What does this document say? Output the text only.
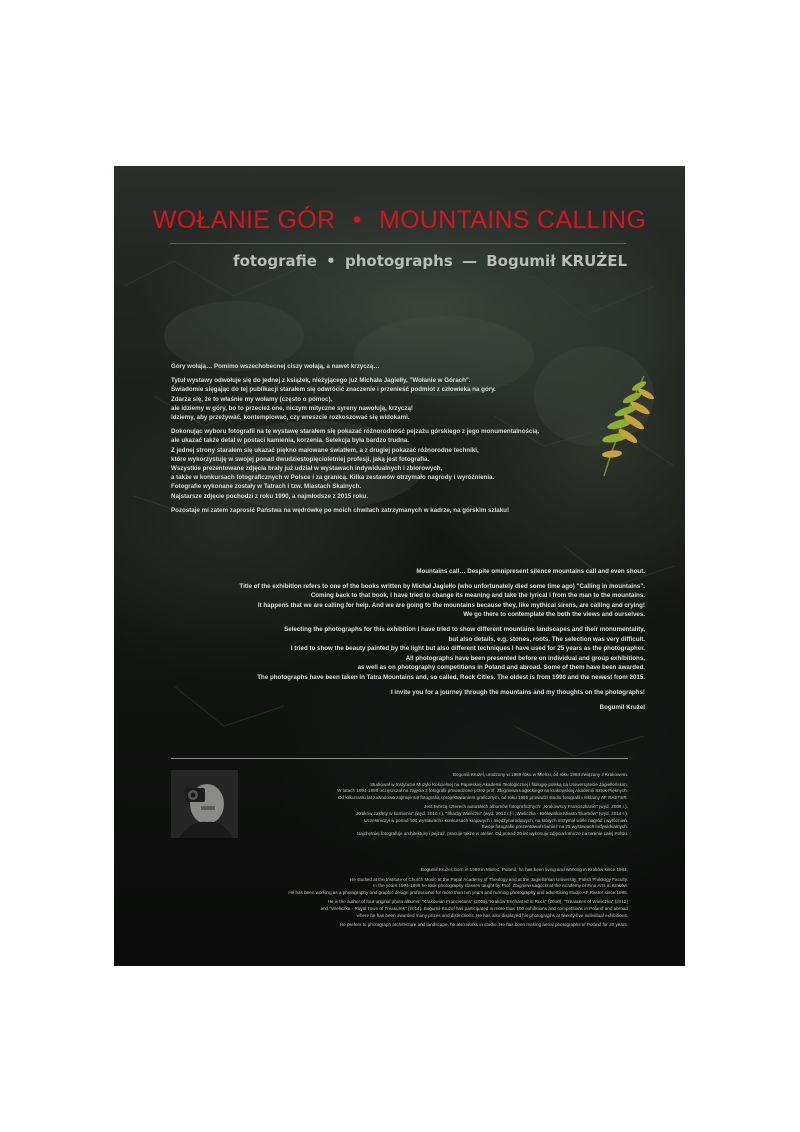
WOŁANIE GÓR • MOUNTAINS CALLING
fotografie • photographs — Bogumił KRUŻEL

Góry wołają… Pomimo wszechobecnej ciszy wołają, a nawet krzyczą…

Tytuł wystawy odwołuje się do jednej z książek, nieżyjącego już Michała Jagiełły, "Wołanie w Górach".
Świadomie sięgając do tej publikacji starałem się odwrócić znaczenie i przenieść podmiot z człowieka na góry.
Zdarza się, że to właśnie my wołamy (często o pomoc),
ale idziemy w góry, bo to przecież one, niczym mityczne syreny nawołują, krzyczą!
Idziemy, aby przeżywać, kontemplować, czy wreszcie rozkoszować się widokami.

Dokonując wyboru fotografii na tę wystawę starałem się pokazać różnorodność pejzażu górskiego z jego monumentalnością,
ale ukazać także detal w postaci kamienia, korzenia. Selekcja była bardzo trudna.
Z jednej strony starałem się ukazać piękno malowane światłem, a z drugiej pokazać różnorodne techniki,
które wykorzystuję w swojej ponad dwudziestopięcioletniej profesji, jaką jest fotografia.
Wszystkie prezentowane zdjęcia brały już udział w wystawach indywidualnych i zbiorowych,
a także w konkursach fotograficznych w Polsce i za granicą. Kilka zestawów otrzymało nagrody i wyróżnienia.
Fotografie wykonane zostały w Tatrach i tzw. Miastach Skalnych.
Najstarsze zdjęcie pochodzi z roku 1990, a najmłodsze z 2015 roku.

Pozostaje mi zatem zaprosić Państwa na wędrówkę po moich chwilach zatrzymanych w kadrze, na górskim szlaku!

Mountains call… Despite omnipresent silence mountains call and even shout.

Title of the exhibition refers to one of the books written by Michał Jagiełło (who unfortunately died some time ago) "Calling in mountains".
Coming back to that book, I have tried to change its meaning and take the lyrical I from the man to the mountains.
It happens that we are calling for help. And we are going to the mountains because they, like mythical sirens, are calling and crying!
We go there to contemplate the both the views and ourselves.

Selecting the photographs for this exhibition I have tried to show different mountains landscapes and their monumentality,
but also details, e.g. stones, roots. The selection was very difficult.
I tried to show the beauty painted by the light but also different techniques I have used for 25 years as the photographer.
All photographs have been presented before on individual and group exhibitions,
as well as on photography competitions in Poland and abroad. Some of them have been awarded.
The photographs have been taken in Tatra Mountains and, so called, Rock Cities. The oldest is from 1990 and the newest from 2015.

I invite you for a journey through the mountains and my thoughts on the photographs!

Bogumił Krużel

Bogumił Krużel, urodzony w 1969 roku w Mielcu, od roku 1984 związany z Krakowem.

Studiował w Instytucie Muzyki Kościelnej na Papieskiej Akademii Teologicznej i filologię polską na Uniwersytecie Jagiellońskim.
W latach 1994-1996 uczęszczał na zajęcia z fotografii prowadzone przez prof. Zbigniewa Łagockiego na krakowskiej Akademii Sztuk Pięknych.
Od kilkunastu lat zawodowo zajmuje się fotografią i projektowaniem graficznym, od roku 1995 prowadzi studio fotografii i reklamy AF RASTER.

Jest twórcą czterech autorskich albumów fotograficznych: „Krakowscy Franciszkanie" (wyd. 2009 r.),
„Kraków zaklęty w kamieniu" (wyd. 2010 r.), "Skarby Wieliczki" (wyd. 2012 r.) i „Wieliczka - Królewskie Miasto Skarbów" (wyd. 2014 r.).
Uczestniczył w ponad 100 wystawach i konkursach krajowych i międzynarodowych, na których otrzymał wiele nagród i wyróżnień.
Swoje fotografie prezentował również na 25 wystawach indywidualnych.
Najchętniej fotografuje architekturę i pejzaż, pracuje także w atelier. Od ponad 20 lat wykonuje zdjęcia lotnicze na terenie całej Polski.

Bogumił Krużel, born in 1969 in Mielec, Poland, he has been living and working in Kraków since 1984.

He studied at the Institute of Church Music at the Papal Academy of Theology and at the Jagiellonian University, Polish Philology Faculty.
In the years 1994-1996 he took photography classes taught by Prof. Zbigniew Łagocki at the Academy of Fine Arts in Kraków.
He has been working as a photography and graphic design professional for more than ten years and running photography and advertising studio AF Raster since 1995.

He is the author of four original photo albums: "Krakowian Franciscans" (2009),"Kraków Enchanted in Rock" (2010), "Treasures of Wieliczka" (2012)
and "Wieliczka - Royal Town of Treasures" (2014). Bogumił Krużel has participated in more than 100 exhibitions and competitions in Poland and abroad
where he has been awarded many prizes and distinctions. He has also displayed his photographs at twenty-five individual exhibitions.

He prefers to photograph architecture and landscape, he also works in studio. He has been making aerial photographs of Poland for 20 years.
